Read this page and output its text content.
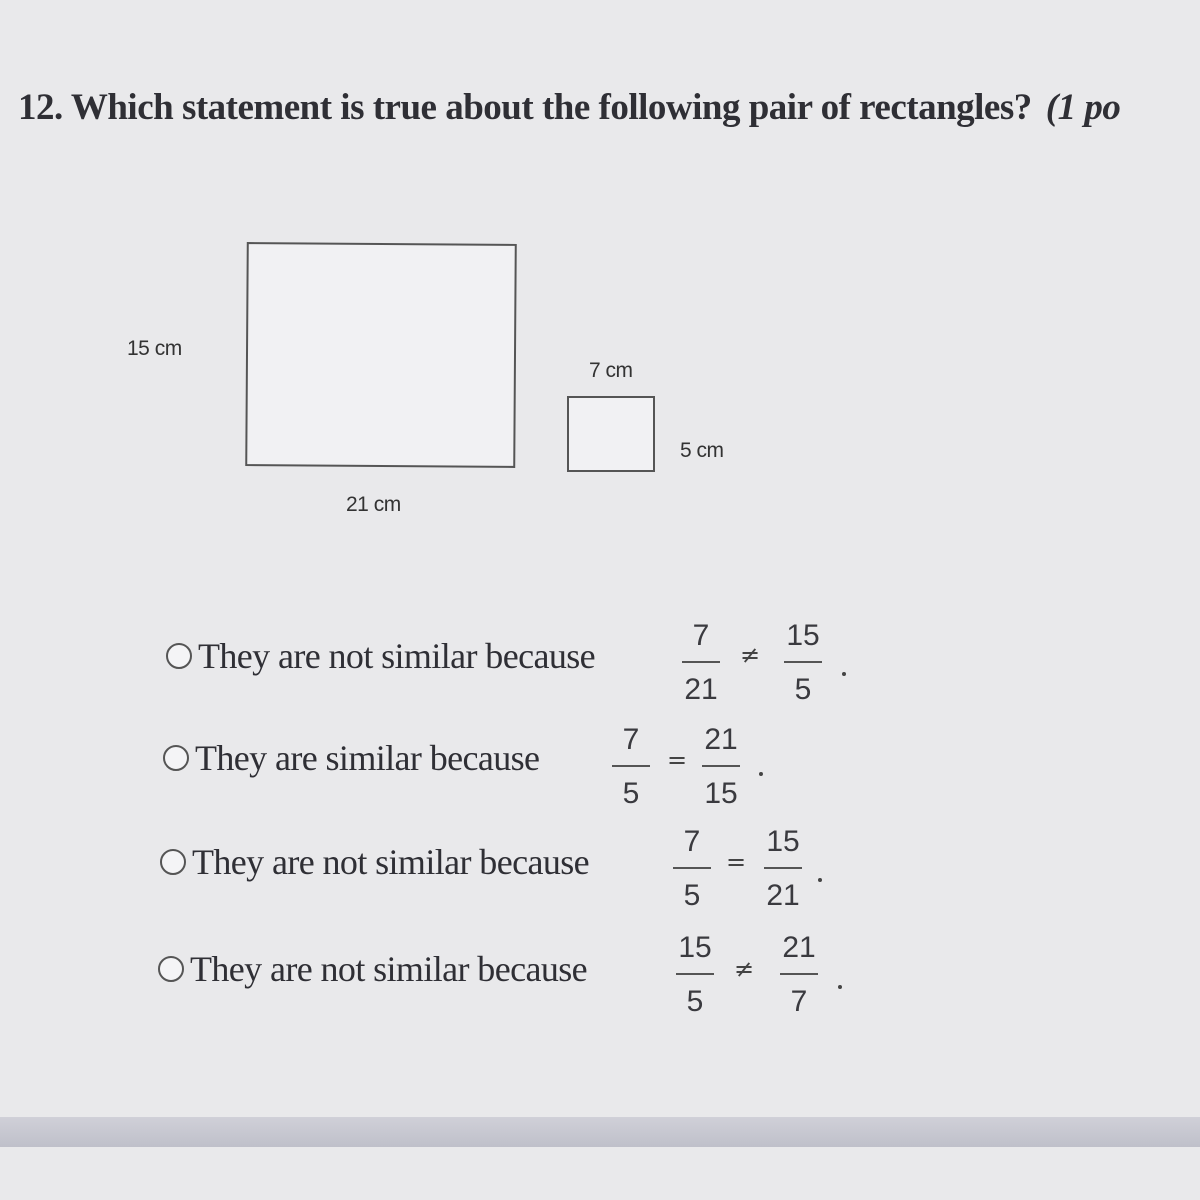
12. Which statement is true about the following pair of rectangles? (1 po
15 cm
21 cm
7 cm
5 cm
They are not similar because
7
21
≠
15
5
They are similar because	7
5
=
21
15
They are not similar because
7
5
=
15
21
They are not similar because
15
5
≠
21
7
